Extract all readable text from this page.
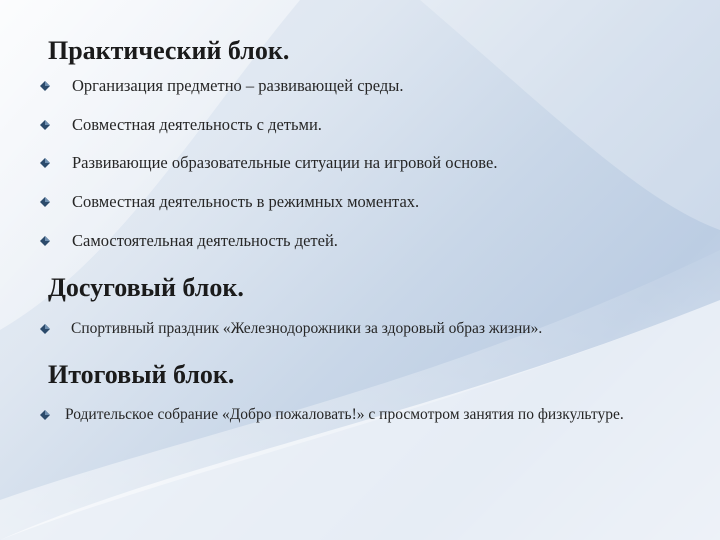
Практический блок.
Организация предметно – развивающей среды.
Совместная деятельность с детьми.
Развивающие образовательные ситуации на игровой основе.
Совместная деятельность в режимных моментах.
Самостоятельная деятельность детей.
Досуговый блок.
Спортивный праздник «Железнодорожники за здоровый образ жизни».
Итоговый блок.
Родительское собрание «Добро пожаловать!» с просмотром занятия по физкультуре.
